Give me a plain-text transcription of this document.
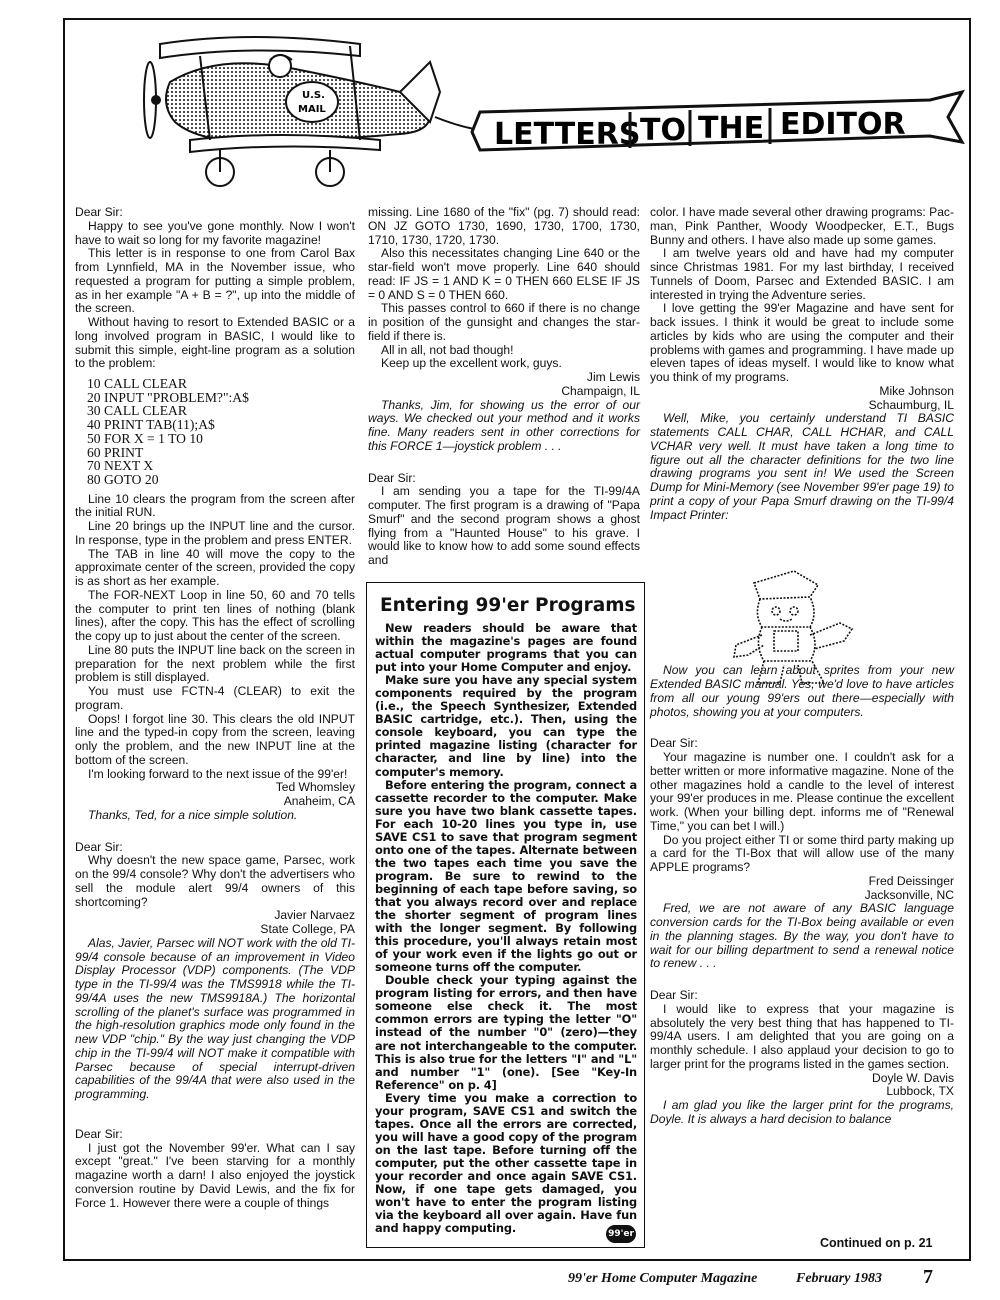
U.S.
MAIL
LETTERS TO THE EDITOR

Dear Sir:

Happy to see you've gone monthly. Now I won't have to wait so long for my favorite magazine!

This letter is in response to one from Carol Bax from Lynnfield, MA in the November issue, who requested a program for putting a simple problem, as in her example "A + B = ?", up into the middle of the screen.

Without having to resort to Extended BASIC or a long involved program in BASIC, I would like to submit this simple, eight-line program as a solution to the problem:

10 CALL CLEAR
20 INPUT "PROBLEM?":A$
30 CALL CLEAR
40 PRINT TAB(11);A$
50 FOR X = 1 TO 10
60 PRINT
70 NEXT X
80 GOTO 20

Line 10 clears the program from the screen after the initial RUN.

Line 20 brings up the INPUT line and the cursor. In response, type in the problem and press ENTER.

The TAB in line 40 will move the copy to the approximate center of the screen, provided the copy is as short as her example.

The FOR-NEXT Loop in line 50, 60 and 70 tells the computer to print ten lines of nothing (blank lines), after the copy. This has the effect of scrolling the copy up to just about the center of the screen.

Line 80 puts the INPUT line back on the screen in preparation for the next problem while the first problem is still displayed.

You must use FCTN-4 (CLEAR) to exit the program.

Oops! I forgot line 30. This clears the old INPUT line and the typed-in copy from the screen, leaving only the problem, and the new INPUT line at the bottom of the screen.

I'm looking forward to the next issue of the 99'er!

Ted Whomsley

Anaheim, CA

Thanks, Ted, for a nice simple solution.

Dear Sir:

Why doesn't the new space game, Parsec, work on the 99/4 console? Why don't the advertisers who sell the module alert 99/4 owners of this shortcoming?

Javier Narvaez

State College, PA

Alas, Javier, Parsec will NOT work with the old TI-99/4 console because of an improvement in Video Display Processor (VDP) components. (The VDP type in the TI-99/4 was the TMS9918 while the TI-99/4A uses the new TMS9918A.) The horizontal scrolling of the planet's surface was programmed in the high-resolution graphics mode only found in the new VDP "chip." By the way just changing the VDP chip in the TI-99/4 will NOT make it compatible with Parsec because of special interrupt-driven capabilities of the 99/4A that were also used in the programming.

Dear Sir:

I just got the November 99'er. What can I say except "great." I've been starving for a monthly magazine worth a darn! I also enjoyed the joystick conversion routine by David Lewis, and the fix for Force 1. However there were a couple of things

missing. Line 1680 of the "fix" (pg. 7) should read: ON JZ GOTO 1730, 1690, 1730, 1700, 1730, 1710, 1730, 1720, 1730.

Also this necessitates changing Line 640 or the star-field won't move properly. Line 640 should read: IF JS = 1 AND K = 0 THEN 660 ELSE IF JS = 0 AND S = 0 THEN 660.

This passes control to 660 if there is no change in position of the gunsight and changes the star-field if there is.

All in all, not bad though!

Keep up the excellent work, guys.

Jim Lewis

Champaign, IL

Thanks, Jim, for showing us the error of our ways. We checked out your method and it works fine. Many readers sent in other corrections for this FORCE 1—joystick problem . . .

Dear Sir:

I am sending you a tape for the TI-99/4A computer. The first program is a drawing of "Papa Smurf" and the second program shows a ghost flying from a "Haunted House" to his grave. I would like to know how to add some sound effects and

color. I have made several other drawing programs: Pac-man, Pink Panther, Woody Woodpecker, E.T., Bugs Bunny and others. I have also made up some games.

I am twelve years old and have had my computer since Christmas 1981. For my last birthday, I received Tunnels of Doom, Parsec and Extended BASIC. I am interested in trying the Adventure series.

I love getting the 99'er Magazine and have sent for back issues. I think it would be great to include some articles by kids who are using the computer and their problems with games and programming. I have made up eleven tapes of ideas myself. I would like to know what you think of my programs.

Mike Johnson

Schaumburg, IL

Well, Mike, you certainly understand TI BASIC statements CALL CHAR, CALL HCHAR, and CALL VCHAR very well. It must have taken a long time to figure out all the character definitions for the two line drawing programs you sent in! We used the Screen Dump for Mini-Memory (see November 99'er page 19) to print a copy of your Papa Smurf drawing on the TI-99/4 Impact Printer:

Now you can learn about sprites from your new Extended BASIC manual. Yes, we'd love to have articles from all our young 99'ers out there—especially with photos, showing you at your computers.

Dear Sir:

Your magazine is number one. I couldn't ask for a better written or more informative magazine. None of the other magazines hold a candle to the level of interest your 99'er produces in me. Please continue the excellent work. (When your billing dept. informs me of "Renewal Time," you can bet I will.)

Do you project either TI or some third party making up a card for the TI-Box that will allow use of the many APPLE programs?

Fred Deissinger

Jacksonville, NC

Fred, we are not aware of any BASIC language conversion cards for the TI-Box being available or even in the planning stages. By the way, you don't have to wait for our billing department to send a renewal notice to renew . . .

Dear Sir:

I would like to express that your magazine is absolutely the very best thing that has happened to TI-99/4A users. I am delighted that you are going on a monthly schedule. I also applaud your decision to go to larger print for the programs listed in the games section.

Doyle W. Davis

Lubbock, TX

I am glad you like the larger print for the programs, Doyle. It is always a hard decision to balance

Entering 99'er Programs

New readers should be aware that within the magazine's pages are found actual computer programs that you can put into your Home Computer and enjoy.

Make sure you have any special system components required by the program (i.e., the Speech Synthesizer, Extended BASIC cartridge, etc.). Then, using the console keyboard, you can type the printed magazine listing (character for character, and line by line) into the computer's memory.

Before entering the program, connect a cassette recorder to the computer. Make sure you have two blank cassette tapes. For each 10-20 lines you type in, use SAVE CS1 to save that program segment onto one of the tapes. Alternate between the two tapes each time you save the program. Be sure to rewind to the beginning of each tape before saving, so that you always record over and replace the shorter segment of program lines with the longer segment. By following this procedure, you'll always retain most of your work even if the lights go out or someone turns off the computer.

Double check your typing against the program listing for errors, and then have someone else check it. The most common errors are typing the letter "O" instead of the number "0" (zero)—they are not interchangeable to the computer. This is also true for the letters "I" and "L" and number "1" (one). [See "Key-In Reference" on p. 4]

Every time you make a correction to your program, SAVE CS1 and switch the tapes. Once all the errors are corrected, you will have a good copy of the program on the last tape. Before turning off the computer, put the other cassette tape in your recorder and once again SAVE CS1. Now, if one tape gets damaged, you won't have to enter the program listing via the keyboard all over again. Have fun and happy computing.	99'er
Continued on p. 21
99'er Home Computer Magazine	February 1983 7
